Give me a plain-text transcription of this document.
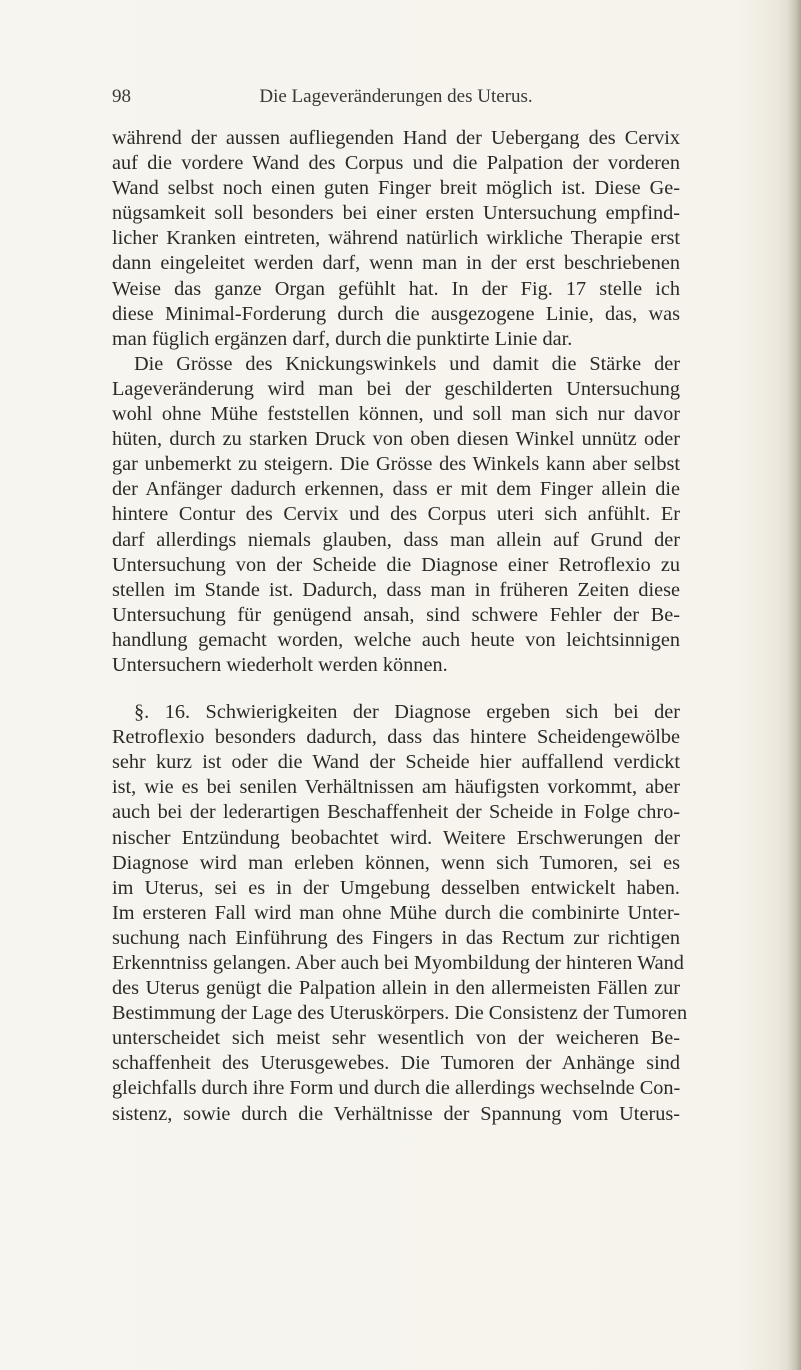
98	Die Lageveränderungen des Uterus.
während der aussen aufliegenden Hand der Uebergang des Cervix
auf die vordere Wand des Corpus und die Palpation der vorderen
Wand selbst noch einen guten Finger breit möglich ist. Diese Ge-
nügsamkeit soll besonders bei einer ersten Untersuchung empfind-
licher Kranken eintreten, während natürlich wirkliche Therapie erst
dann eingeleitet werden darf, wenn man in der erst beschriebenen
Weise das ganze Organ gefühlt hat. In der Fig. 17 stelle ich
diese Minimal-Forderung durch die ausgezogene Linie, das, was
man füglich ergänzen darf, durch die punktirte Linie dar.
Die Grösse des Knickungswinkels und damit die Stärke der
Lageveränderung wird man bei der geschilderten Untersuchung
wohl ohne Mühe feststellen können, und soll man sich nur davor
hüten, durch zu starken Druck von oben diesen Winkel unnütz oder
gar unbemerkt zu steigern. Die Grösse des Winkels kann aber selbst
der Anfänger dadurch erkennen, dass er mit dem Finger allein die
hintere Contur des Cervix und des Corpus uteri sich anfühlt. Er
darf allerdings niemals glauben, dass man allein auf Grund der
Untersuchung von der Scheide die Diagnose einer Retroflexio zu
stellen im Stande ist. Dadurch, dass man in früheren Zeiten diese
Untersuchung für genügend ansah, sind schwere Fehler der Be-
handlung gemacht worden, welche auch heute von leichtsinnigen
Untersuchern wiederholt werden können.
§. 16. Schwierigkeiten der Diagnose ergeben sich bei der
Retroflexio besonders dadurch, dass das hintere Scheidengewölbe
sehr kurz ist oder die Wand der Scheide hier auffallend verdickt
ist, wie es bei senilen Verhältnissen am häufigsten vorkommt, aber
auch bei der lederartigen Beschaffenheit der Scheide in Folge chro-
nischer Entzündung beobachtet wird. Weitere Erschwerungen der
Diagnose wird man erleben können, wenn sich Tumoren, sei es
im Uterus, sei es in der Umgebung desselben entwickelt haben.
Im ersteren Fall wird man ohne Mühe durch die combinirte Unter-
suchung nach Einführung des Fingers in das Rectum zur richtigen
Erkenntniss gelangen. Aber auch bei Myombildung der hinteren Wand
des Uterus genügt die Palpation allein in den allermeisten Fällen zur
Bestimmung der Lage des Uteruskörpers. Die Consistenz der Tumoren
unterscheidet sich meist sehr wesentlich von der weicheren Be-
schaffenheit des Uterusgewebes. Die Tumoren der Anhänge sind
gleichfalls durch ihre Form und durch die allerdings wechselnde Con-
sistenz, sowie durch die Verhältnisse der Spannung vom Uterus-
